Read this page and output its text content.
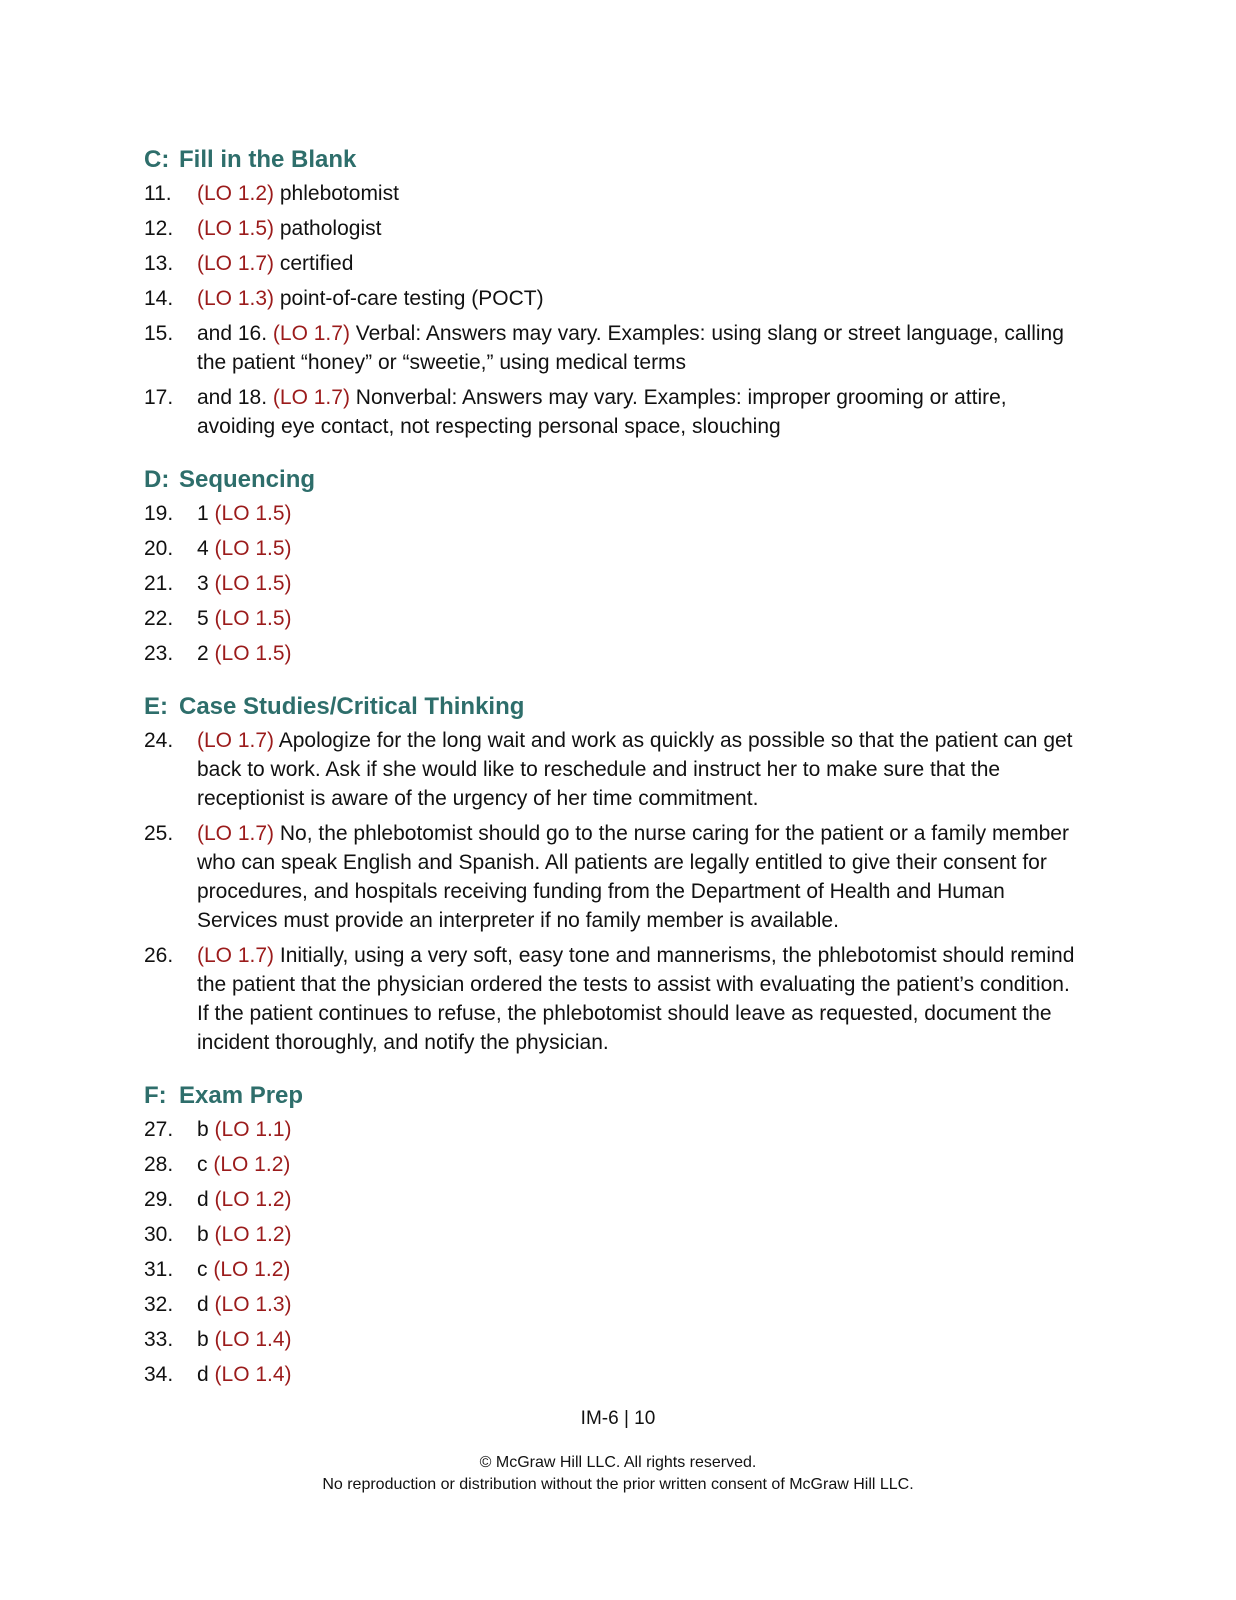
C: Fill in the Blank
11.	(LO 1.2) phlebotomist
12.	(LO 1.5) pathologist
13.	(LO 1.7) certified
14.	(LO 1.3) point-of-care testing (POCT)
15.	and 16. (LO 1.7) Verbal: Answers may vary. Examples: using slang or street language, calling the patient “honey” or “sweetie,” using medical terms
17.	and 18. (LO 1.7) Nonverbal: Answers may vary. Examples: improper grooming or attire, avoiding eye contact, not respecting personal space, slouching
D: Sequencing
19.	1 (LO 1.5)
20.	4 (LO 1.5)
21.	3 (LO 1.5)
22.	5 (LO 1.5)
23.	2 (LO 1.5)
E: Case Studies/Critical Thinking
24.	(LO 1.7) Apologize for the long wait and work as quickly as possible so that the patient can get back to work. Ask if she would like to reschedule and instruct her to make sure that the receptionist is aware of the urgency of her time commitment.
25.	(LO 1.7) No, the phlebotomist should go to the nurse caring for the patient or a family member who can speak English and Spanish. All patients are legally entitled to give their consent for procedures, and hospitals receiving funding from the Department of Health and Human Services must provide an interpreter if no family member is available.
26.	(LO 1.7) Initially, using a very soft, easy tone and mannerisms, the phlebotomist should remind the patient that the physician ordered the tests to assist with evaluating the patient’s condition. If the patient continues to refuse, the phlebotomist should leave as requested, document the incident thoroughly, and notify the physician.
F: Exam Prep
27.	b (LO 1.1)
28.	c (LO 1.2)
29.	d (LO 1.2)
30.	b (LO 1.2)
31.	c (LO 1.2)
32.	d (LO 1.3)
33.	b (LO 1.4)
34.	d (LO 1.4)
IM-6 | 10
© McGraw Hill LLC. All rights reserved.
No reproduction or distribution without the prior written consent of McGraw Hill LLC.
